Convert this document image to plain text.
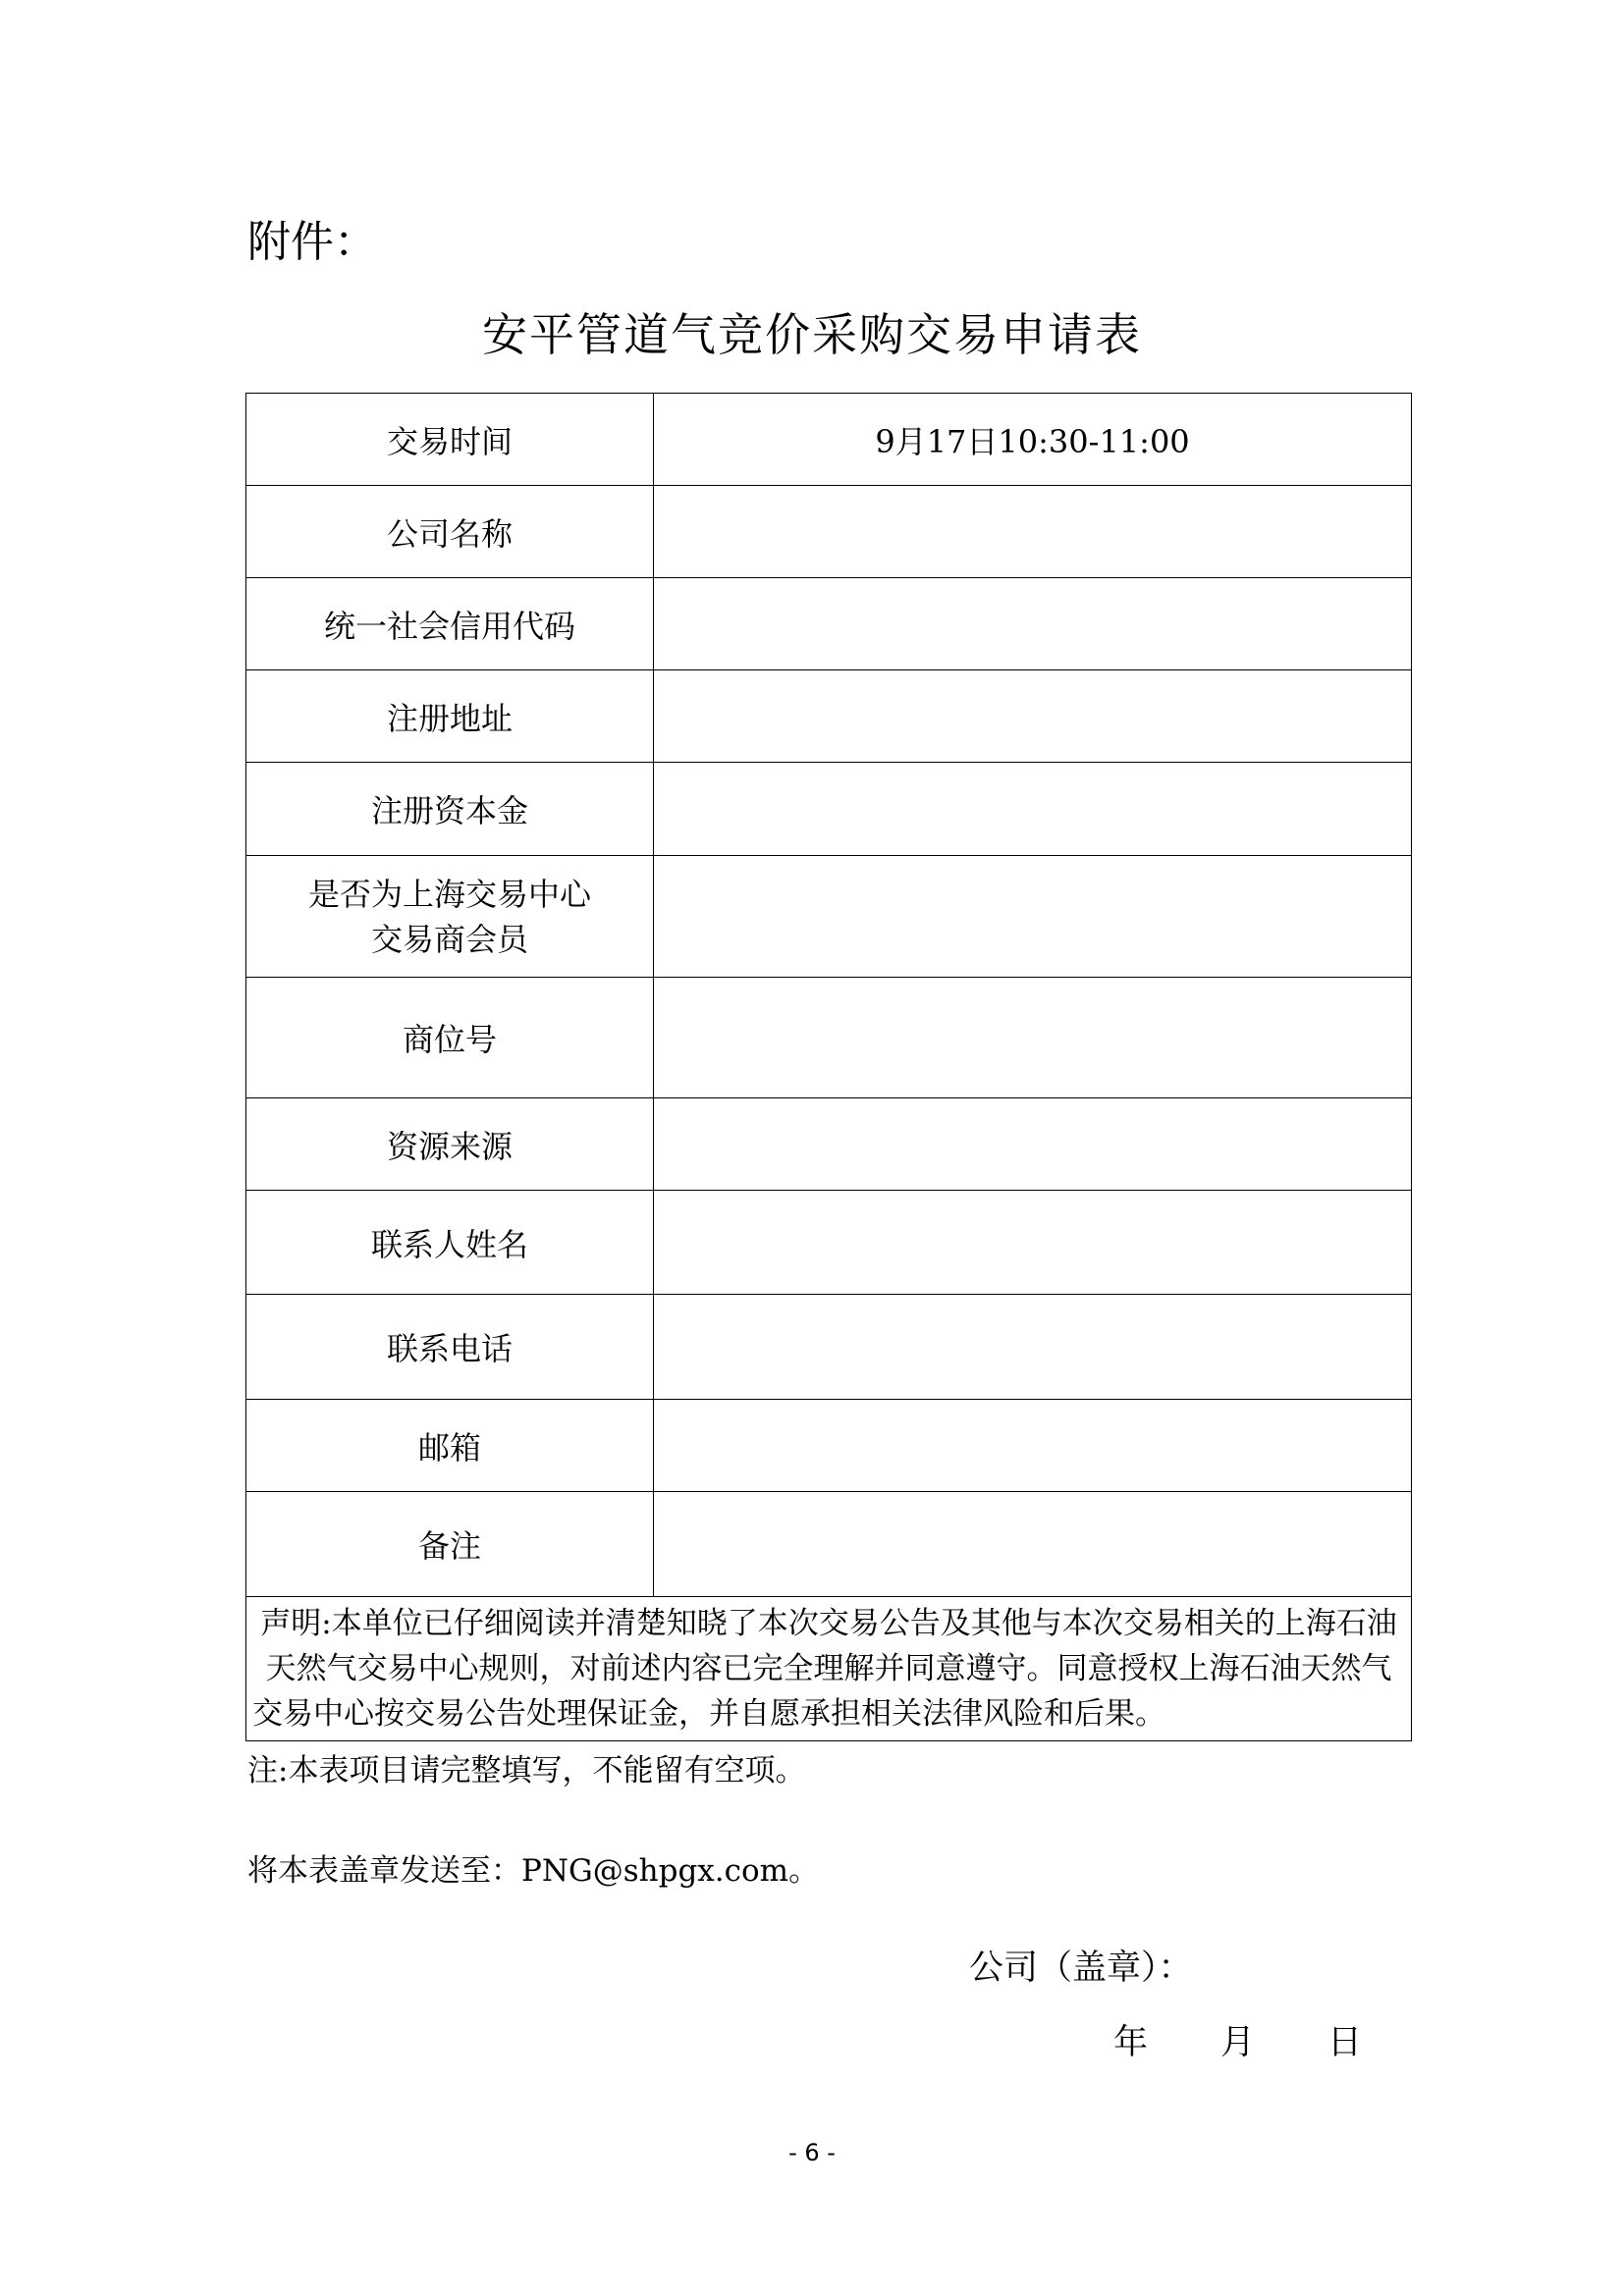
附件：
安平管道气竞价采购交易申请表
交易时间	9月17日10:30-11:00
公司名称	
统一社会信用代码	
注册地址	
注册资本金	

是否为上海交易中心
交易商会员	

商位号	
资源来源	
联系人姓名	
联系电话	
邮箱	
备注	
声明:本单位已仔细阅读并清楚知晓了本次交易公告及其他与本次交易相关的上海石油天然气交易中心规则，对前述内容已完全理解并同意遵守。同意授权上海石油天然气交易中心按交易公告处理保证金，并自愿承担相关法律风险和后果。	
注:本表项目请完整填写，不能留有空项。
将本表盖章发送至：PNG@shpgx.com。
公司（盖章）：
年 月 日
- 6 -
